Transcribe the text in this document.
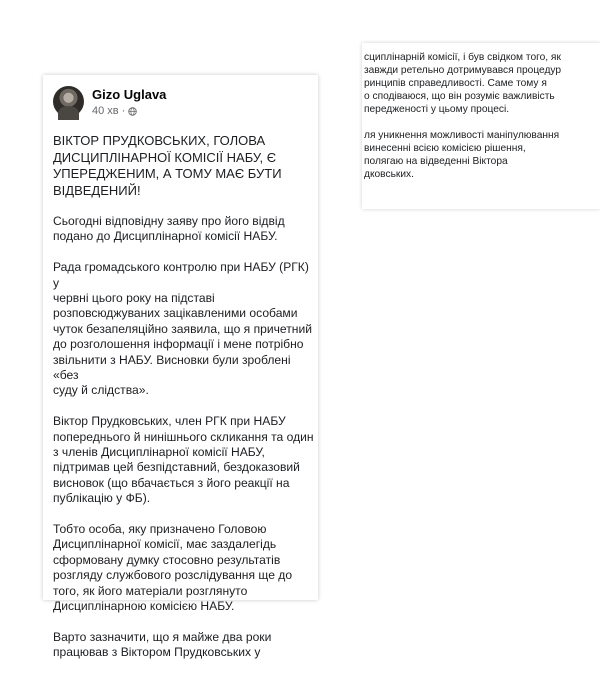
Gizo Uglava
40 хв ·

ВІКТОР ПРУДКОВСЬКИХ, ГОЛОВА
ДИСЦИПЛІНАРНОЇ КОМІСІЇ НАБУ, Є
УПЕРЕДЖЕНИМ, А ТОМУ МАЄ БУТИ
ВІДВЕДЕНИЙ!

Сьогодні відповідну заяву про його відвід
подано до Дисциплінарної комісії НАБУ.

Рада громадського контролю при НАБУ (РГК) у
червні цього року на підставі
розповсюджуваних зацікавленими особами
чуток безапеляційно заявила, що я причетний
до розголошення інформації і мене потрібно
звільнити з НАБУ. Висновки були зроблені «без
суду й слідства».

Віктор Прудковських, член РГК при НАБУ
попереднього й нинішнього скликання та один
з членів Дисциплінарної комісії НАБУ,
підтримав цей безпідставний, бездоказовий
висновок (що вбачається з його реакції на
публікацію у ФБ).

Тобто особа, яку призначено Головою
Дисциплінарної комісії, має заздалегідь
сформовану думку стосовно результатів
розгляду службового розслідування ще до
того, як його матеріали розглянуто
Дисциплінарною комісією НАБУ.

Варто зазначити, що я майже два роки
працював з Віктором Прудковських у

сциплінарній комісії, і був свідком того, як
завжди ретельно дотримувався процедур
ринципів справедливості. Саме тому я
о сподіваюся, що він розуміє важливість
передженості у цьому процесі.

ля уникнення можливості маніпулювання
винесенні всією комісією рішення,
полягаю на відведенні Віктора
дковських.
